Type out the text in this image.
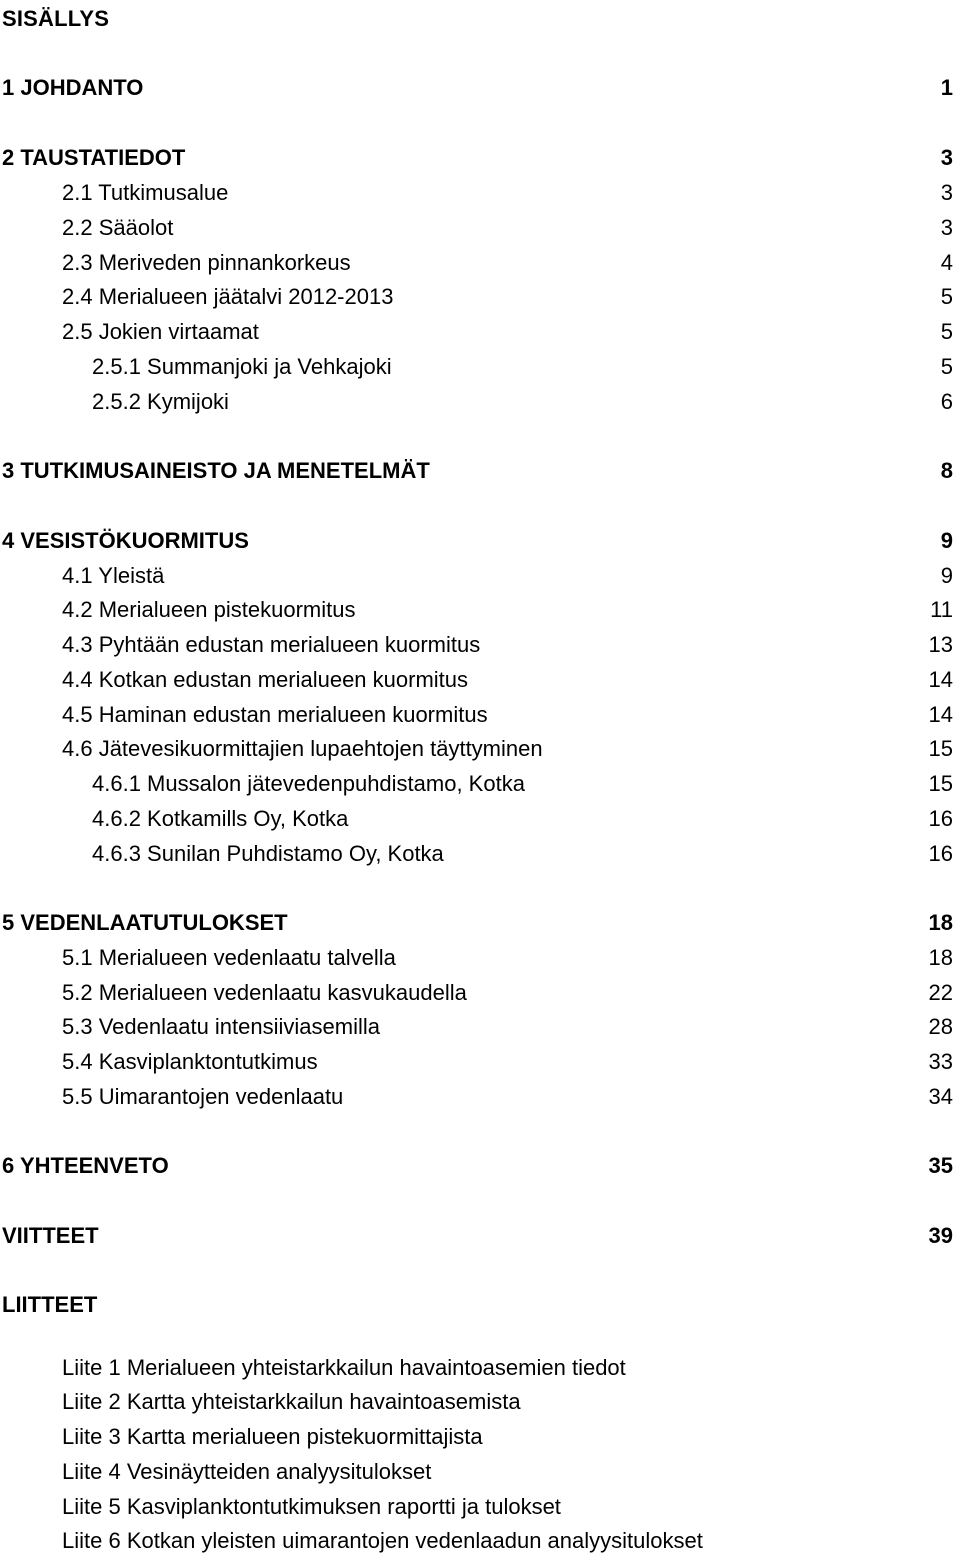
SISÄLLYS
1 JOHDANTO	1
2 TAUSTATIEDOT	3
2.1 Tutkimusalue	3
2.2 Sääolot	3
2.3 Meriveden pinnankorkeus	4
2.4 Merialueen jäätalvi 2012-2013	5
2.5 Jokien virtaamat	5
2.5.1 Summanjoki ja Vehkajoki	5
2.5.2 Kymijoki	6
3 TUTKIMUSAINEISTO JA MENETELMÄT	8
4 VESISTÖKUORMITUS	9
4.1 Yleistä	9
4.2 Merialueen pistekuormitus	11
4.3 Pyhtään edustan merialueen kuormitus	13
4.4 Kotkan edustan merialueen kuormitus	14
4.5 Haminan edustan merialueen kuormitus	14
4.6 Jätevesikuormittajien lupaehtojen täyttyminen	15
4.6.1 Mussalon jätevedenpuhdistamo, Kotka	15
4.6.2 Kotkamills Oy, Kotka	16
4.6.3 Sunilan Puhdistamo Oy, Kotka	16
5 VEDENLAATUTULOKSET	18
5.1 Merialueen vedenlaatu talvella	18
5.2 Merialueen vedenlaatu kasvukaudella	22
5.3 Vedenlaatu intensiiviasemilla	28
5.4 Kasviplanktontutkimus	33
5.5 Uimarantojen vedenlaatu	34
6 YHTEENVETO	35
VIITTEET	39
LIITTEET
Liite 1 Merialueen yhteistarkkailun havaintoasemien tiedot
Liite 2 Kartta yhteistarkkailun havaintoasemista
Liite 3 Kartta merialueen pistekuormittajista
Liite 4 Vesinäytteiden analyysitulokset
Liite 5 Kasviplanktontutkimuksen raportti ja tulokset
Liite 6 Kotkan yleisten uimarantojen vedenlaadun analyysitulokset
